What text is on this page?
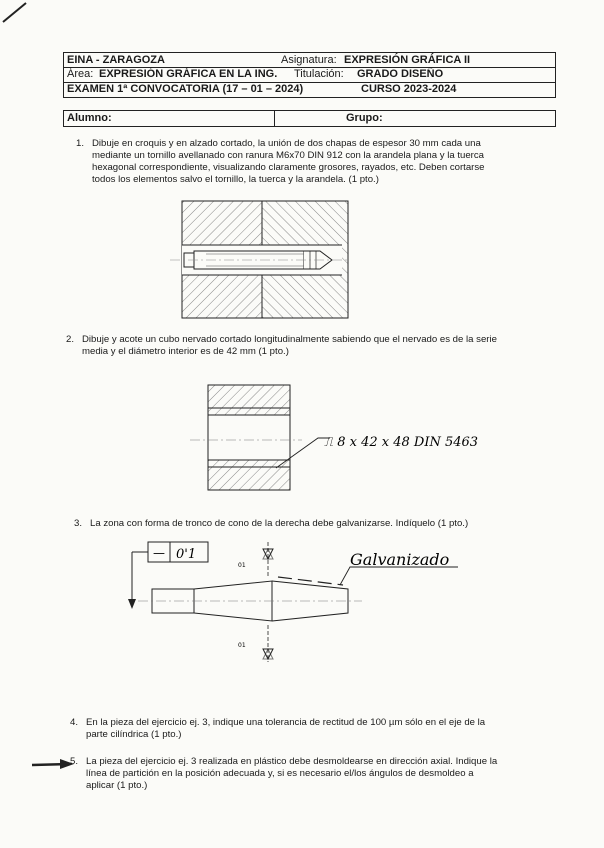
EINA - ZARAGOZA	Asignatura: EXPRESIÓN GRÁFICA II
Área: EXPRESIÓN GRÁFICA EN LA ING. Titulación: GRADO DISEÑO
EXAMEN 1ª CONVOCATORIA (17 – 01 – 2024)	CURSO 2023-2024
Alumno:	Grupo:
1. Dibuje en croquis y en alzado cortado, la unión de dos chapas de espesor 30 mm cada una
mediante un tornillo avellanado con ranura M6x70 DIN 912 con la arandela plana y la tuerca
hexagonal correspondiente, visualizando claramente grosores, rayados, etc. Deben cortarse
todos los elementos salvo el tornillo, la tuerca y la arandela. (1 pto.)
2. Dibuje y acote un cubo nervado cortado longitudinalmente sabiendo que el nervado es de la serie
media y el diámetro interior es de 42 mm (1 pto.)
⎍ 8 x 42 x 48 DIN 5463
3. La zona con forma de tronco de cono de la derecha debe galvanizarse. Indíquelo (1 pto.)
— 0'1
01
01
Galvanizado
4. En la pieza del ejercicio ej. 3, indique una tolerancia de rectitud de 100 µm sólo en el eje de la
parte cilíndrica (1 pto.)
5. La pieza del ejercicio ej. 3 realizada en plástico debe desmoldearse en dirección axial. Indique la
línea de partición en la posición adecuada y, si es necesario el/los ángulos de desmoldeo a
aplicar (1 pto.)
